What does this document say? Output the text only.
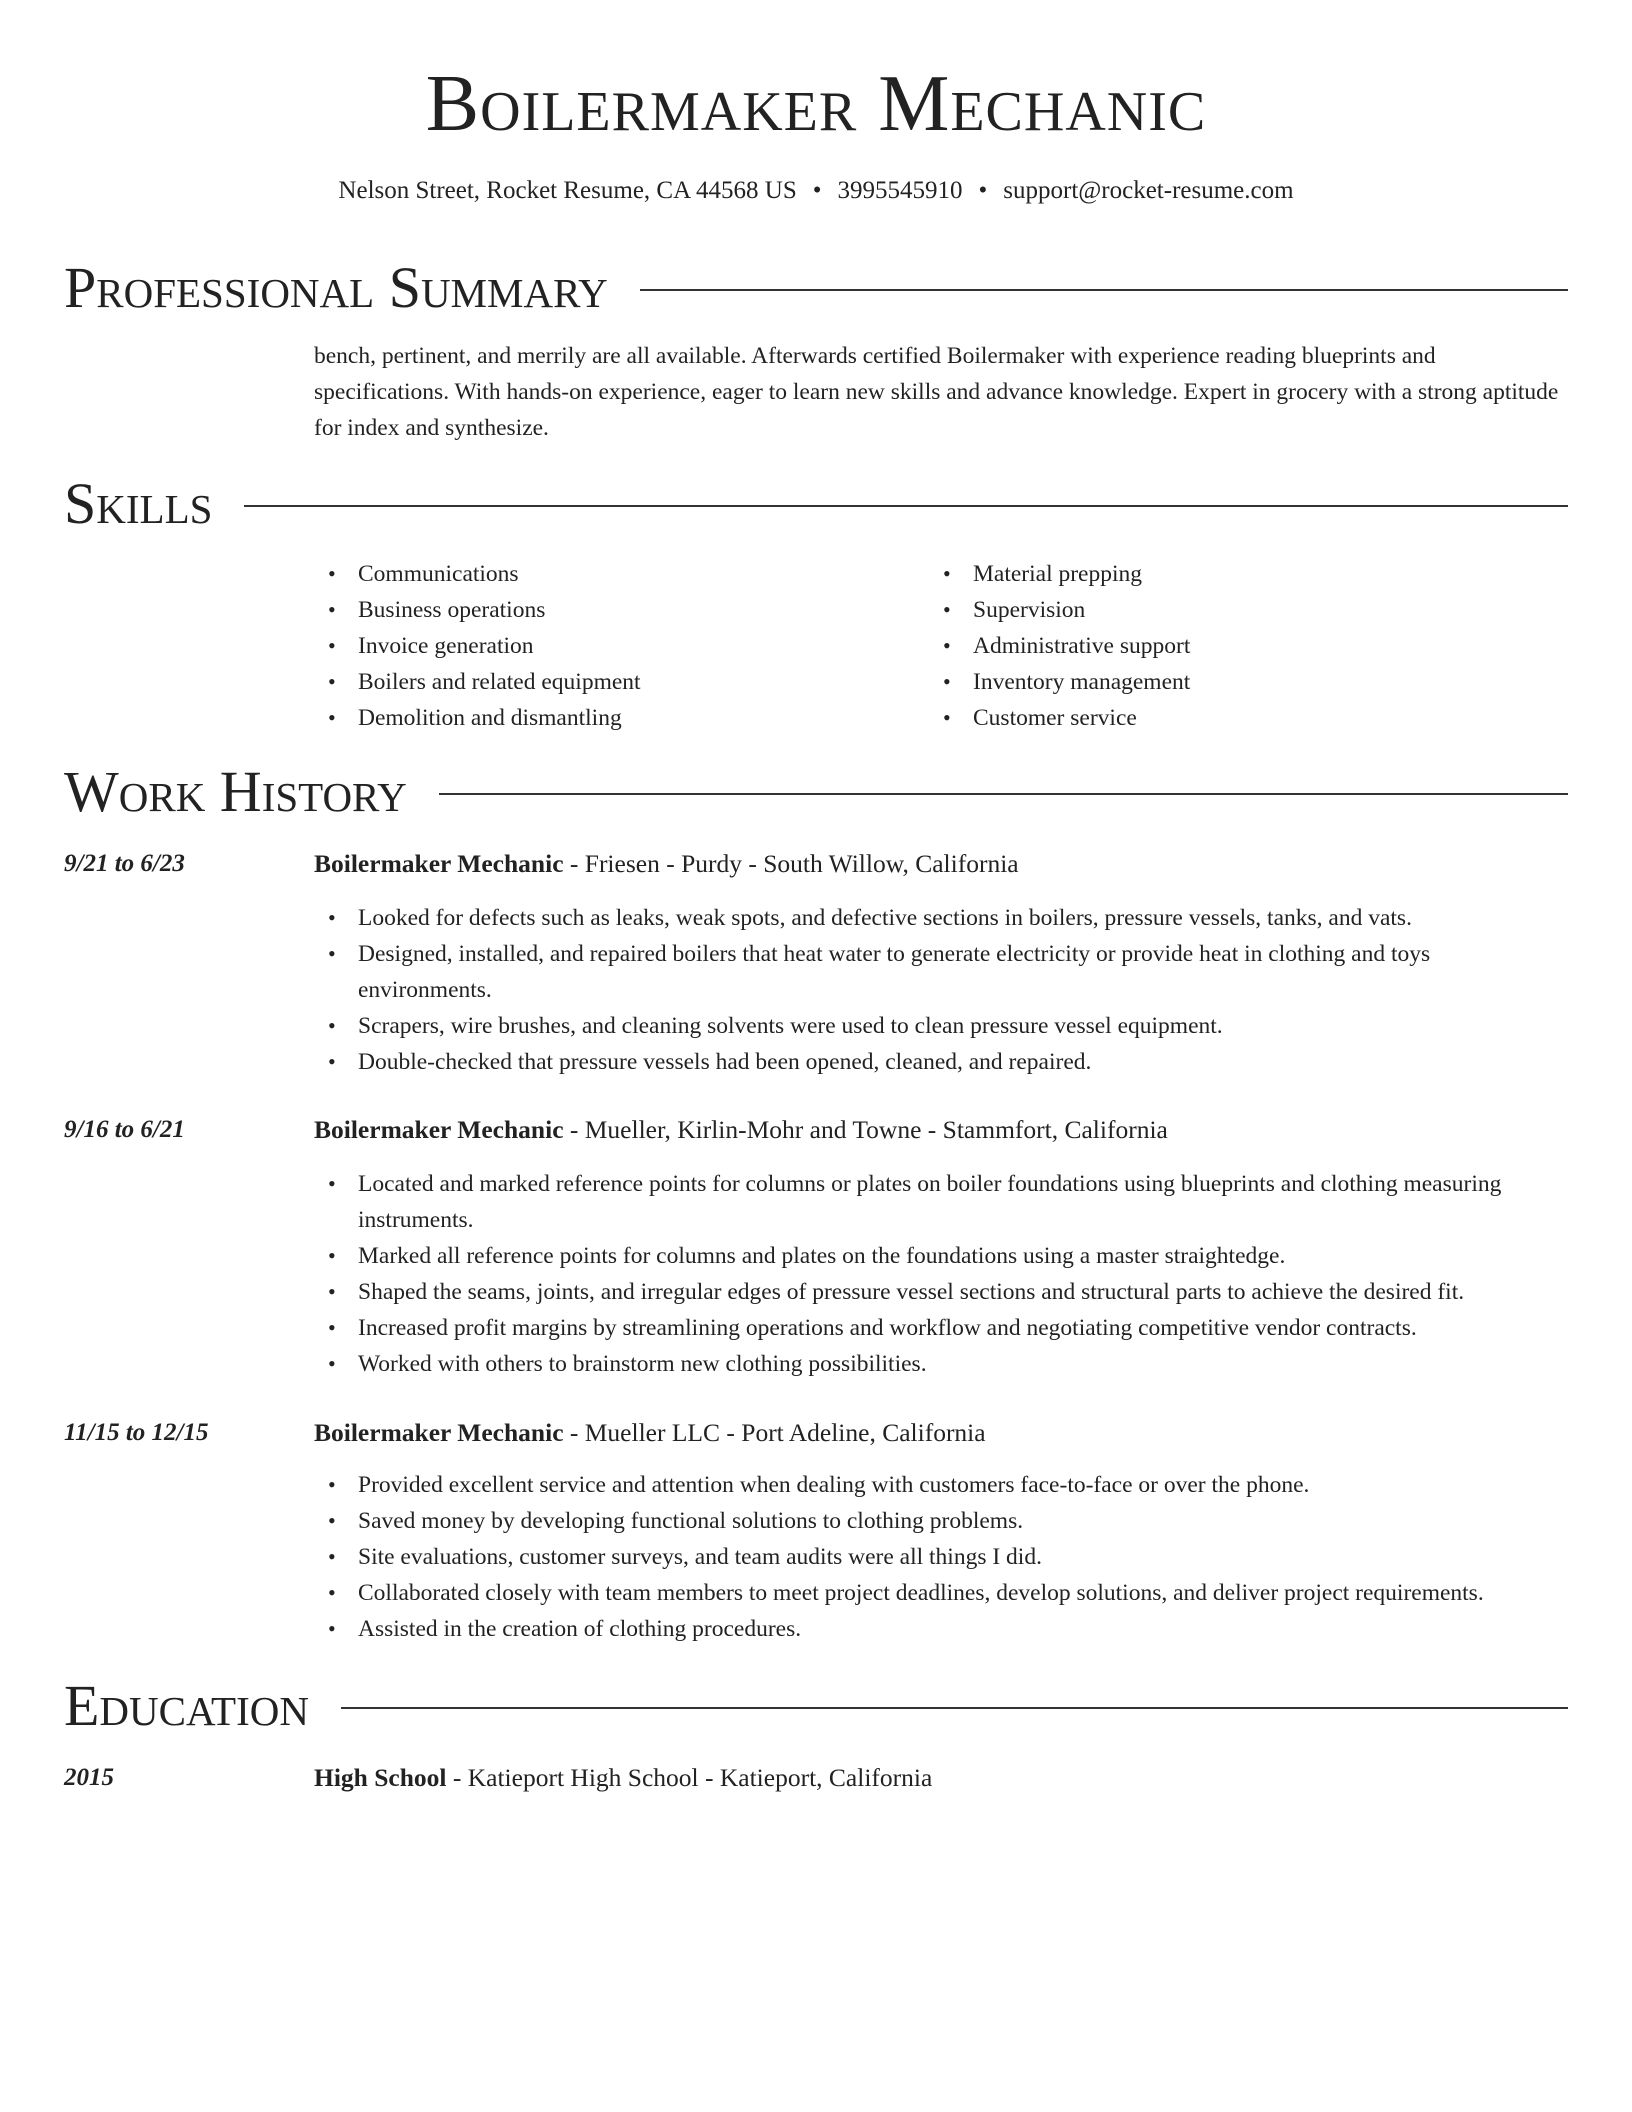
Boilermaker Mechanic
Nelson Street, Rocket Resume, CA 44568 US • 3995545910 • support@rocket-resume.com
Professional Summary
bench, pertinent, and merrily are all available. Afterwards certified Boilermaker with experience reading blueprints and specifications. With hands-on experience, eager to learn new skills and advance knowledge. Expert in grocery with a strong aptitude for index and synthesize.
Skills
• Communications
• Business operations
• Invoice generation
• Boilers and related equipment
• Demolition and dismantling
• Material prepping
• Supervision
• Administrative support
• Inventory management
• Customer service
Work History
9/21 to 6/23	Boilermaker Mechanic - Friesen - Purdy - South Willow, California
• Looked for defects such as leaks, weak spots, and defective sections in boilers, pressure vessels, tanks, and vats.
• Designed, installed, and repaired boilers that heat water to generate electricity or provide heat in clothing and toys environments.
• Scrapers, wire brushes, and cleaning solvents were used to clean pressure vessel equipment.
• Double-checked that pressure vessels had been opened, cleaned, and repaired.
9/16 to 6/21	Boilermaker Mechanic - Mueller, Kirlin-Mohr and Towne - Stammfort, California
• Located and marked reference points for columns or plates on boiler foundations using blueprints and clothing measuring instruments.
• Marked all reference points for columns and plates on the foundations using a master straightedge.
• Shaped the seams, joints, and irregular edges of pressure vessel sections and structural parts to achieve the desired fit.
• Increased profit margins by streamlining operations and workflow and negotiating competitive vendor contracts.
• Worked with others to brainstorm new clothing possibilities.
11/15 to 12/15	Boilermaker Mechanic - Mueller LLC - Port Adeline, California
• Provided excellent service and attention when dealing with customers face-to-face or over the phone.
• Saved money by developing functional solutions to clothing problems.
• Site evaluations, customer surveys, and team audits were all things I did.
• Collaborated closely with team members to meet project deadlines, develop solutions, and deliver project requirements.
• Assisted in the creation of clothing procedures.
Education
2015	High School - Katieport High School - Katieport, California
